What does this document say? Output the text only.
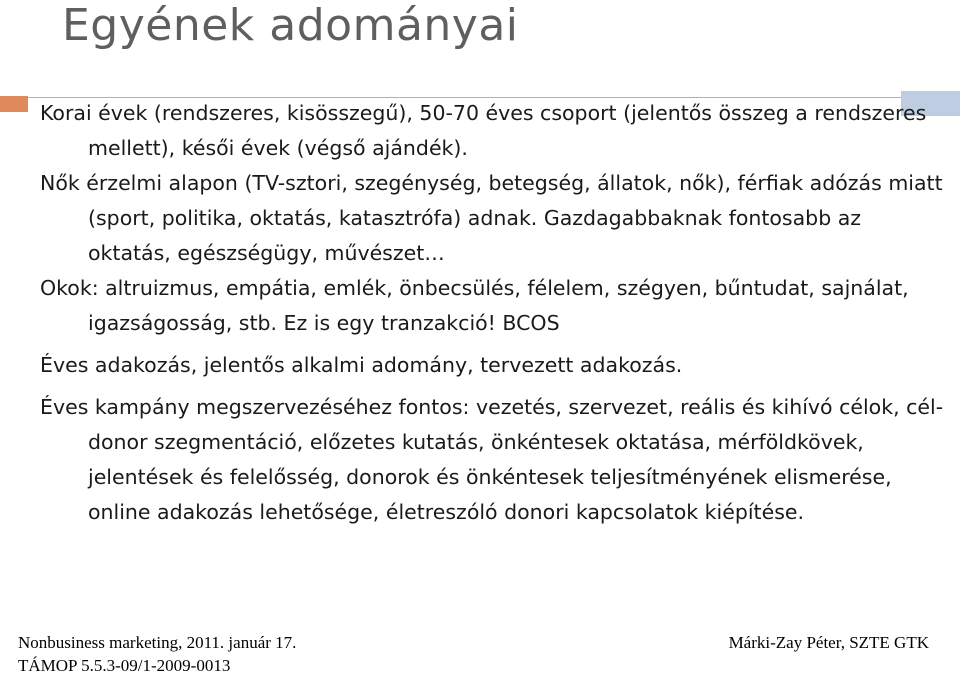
Egyének adományai

Korai évek (rendszeres, kisösszegű), 50-70 éves csoport (jelentős összeg a rendszeres mellett), késői évek (végső ajándék).

Nők érzelmi alapon (TV-sztori, szegénység, betegség, állatok, nők), férfiak adózás miatt (sport, politika, oktatás, katasztrófa) adnak. Gazdagabbaknak fontosabb az oktatás, egészségügy, művészet…

Okok: altruizmus, empátia, emlék, önbecsülés, félelem, szégyen, bűntudat, sajnálat, igazságosság, stb. Ez is egy tranzakció! BCOS

Éves adakozás, jelentős alkalmi adomány, tervezett adakozás.

Éves kampány megszervezéséhez fontos: vezetés, szervezet, reális és kihívó célok, cél-donor szegmentáció, előzetes kutatás, önkéntesek oktatása, mérföldkövek, jelentések és felelősség, donorok és önkéntesek teljesítményének elismerése, online adakozás lehetősége, életreszóló donori kapcsolatok kiépítése.

Nonbusiness marketing, 2011. január 17.
TÁMOP 5.5.3-09/1-2009-0013
Márki-Zay Péter, SZTE GTK
